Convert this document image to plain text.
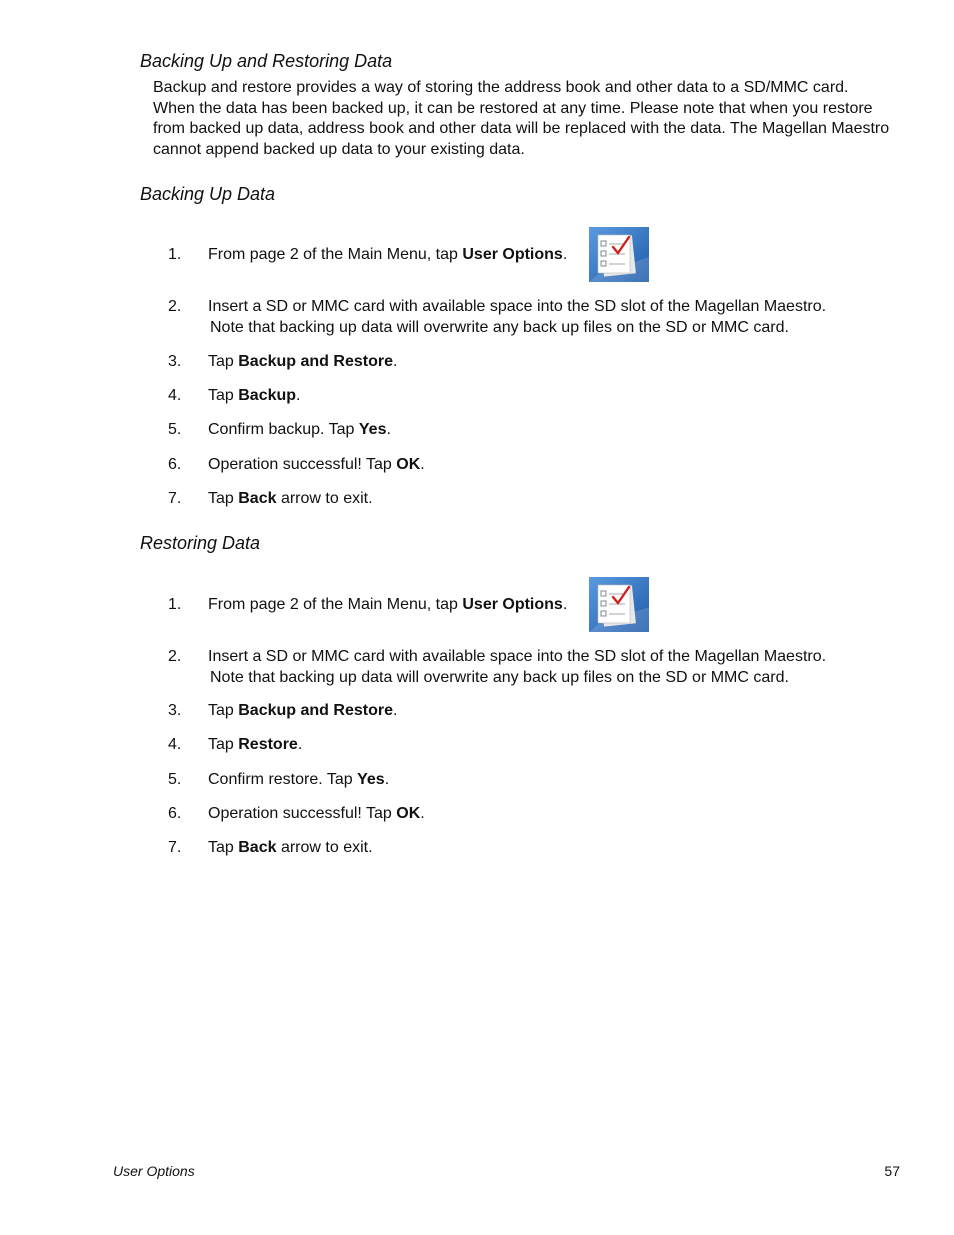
Backing Up and Restoring Data

Backup and restore provides a way of storing the address book and other data to a SD/MMC card. When the data has been backed up, it can be restored at any time. Please note that when you restore from backed up data, address book and other data will be replaced with the data. The Magellan Maestro cannot append backed up data to your existing data.

Backing Up Data
1. From page 2 of the Main Menu, tap User Options.
2. Insert a SD or MMC card with available space into the SD slot of the Magellan Maestro.
Note that backing up data will overwrite any back up files on the SD or MMC card.
3. Tap Backup and Restore.
4. Tap Backup.
5. Confirm backup. Tap Yes.
6. Operation successful! Tap OK.
7. Tap Back arrow to exit.
Restoring Data
1. From page 2 of the Main Menu, tap User Options.
2. Insert a SD or MMC card with available space into the SD slot of the Magellan Maestro.
Note that backing up data will overwrite any back up files on the SD or MMC card.
3. Tap Backup and Restore.
4. Tap Restore.
5. Confirm restore. Tap Yes.
6. Operation successful! Tap OK.
7. Tap Back arrow to exit.
User Options	57
